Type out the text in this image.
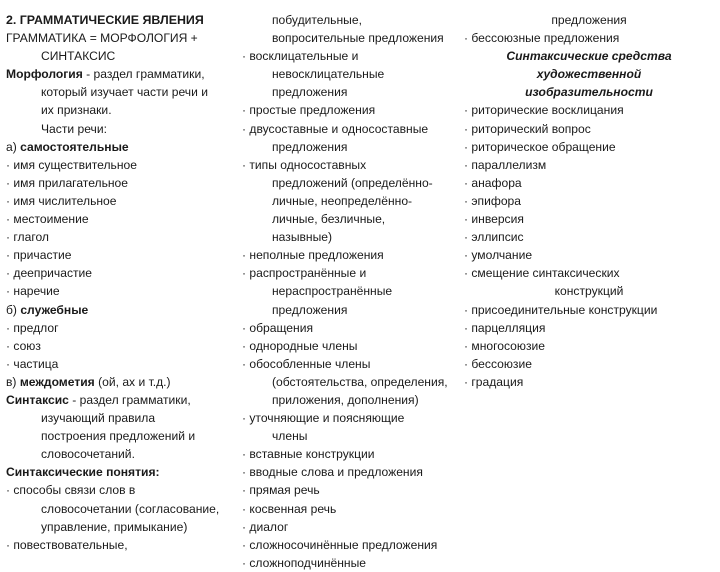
2. ГРАММАТИЧЕСКИЕ ЯВЛЕНИЯ
ГРАММАТИКА = МОРФОЛОГИЯ +
СИНТАКСИС
Морфология - раздел грамматики,
который изучает части речи и
их признаки.
Части речи:
а) самостоятельные
· имя существительное
· имя прилагательное
· имя числительное
· местоимение
· глагол
· причастие
· деепричастие
· наречие
б) служебные
· предлог
· союз
· частица
в) междометия (ой, ах и т.д.)
Синтаксис - раздел грамматики,
изучающий правила
построения предложений и
словосочетаний.
Синтаксические понятия:
· способы связи слов в
словосочетании (согласование,
управление, примыкание)
· повествовательные,
побудительные,
вопросительные предложения
· восклицательные и
невосклицательные
предложения
· простые предложения
· двусоставные и односоставные
предложения
· типы односоставных
предложений (определённо-
личные, неопределённо-
личные, безличные,
назывные)
· неполные предложения
· распространённые и
нераспространённые
предложения
· обращения
· однородные члены
· обособленные члены
(обстоятельства, определения,
приложения, дополнения)
· уточняющие и поясняющие
члены
· вставные конструкции
· вводные слова и предложения
· прямая речь
· косвенная речь
· диалог
· сложносочинённые предложения
· сложноподчинённые
предложения
· бессоюзные предложения
Синтаксические средства
художественной
изобразительности
· риторические восклицания
· риторический вопрос
· риторическое обращение
· параллелизм
· анафора
· эпифора
· инверсия
· эллипсис
· умолчание
· смещение синтаксических
конструкций
· присоединительные конструкции
· парцелляция
· многосоюзие
· бессоюзие
· градация
